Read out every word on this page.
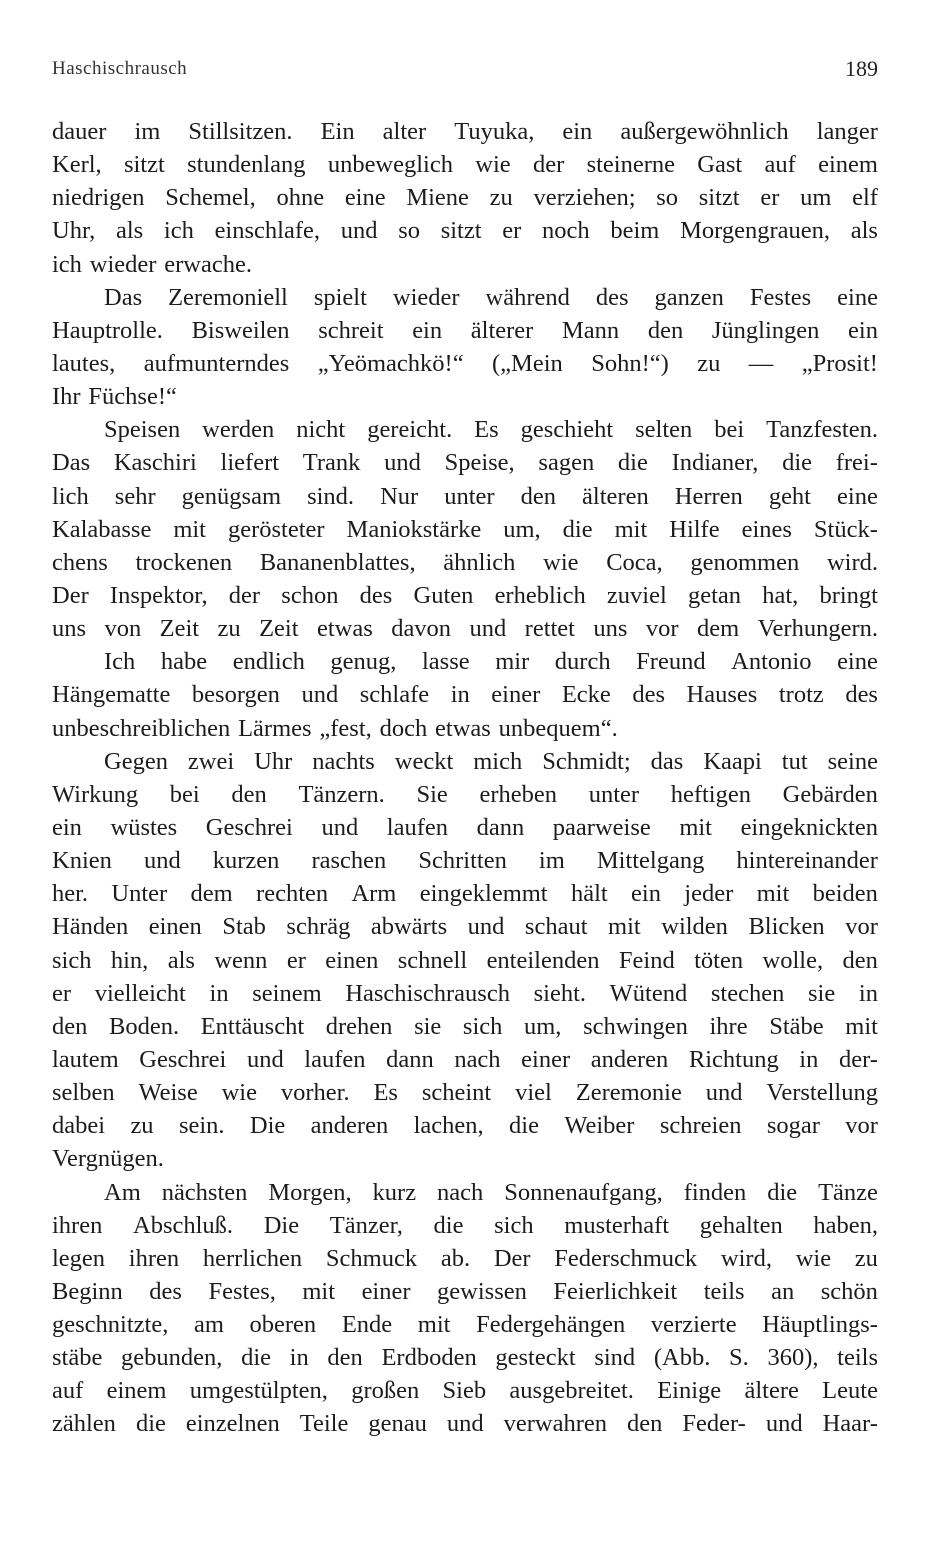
Haschischrausch	189
dauer im Stillsitzen. Ein alter Tuyuka, ein außergewöhnlich langer
Kerl, sitzt stundenlang unbeweglich wie der steinerne Gast auf einem
niedrigen Schemel, ohne eine Miene zu verziehen; so sitzt er um elf
Uhr, als ich einschlafe, und so sitzt er noch beim Morgengrauen, als
ich wieder erwache.
Das Zeremoniell spielt wieder während des ganzen Festes eine
Hauptrolle. Bisweilen schreit ein älterer Mann den Jünglingen ein
lautes, aufmunterndes „Yeömachkö!“ („Mein Sohn!“) zu — „Prosit!
Ihr Füchse!“
Speisen werden nicht gereicht. Es geschieht selten bei Tanzfesten.
Das Kaschiri liefert Trank und Speise, sagen die Indianer, die frei-
lich sehr genügsam sind. Nur unter den älteren Herren geht eine
Kalabasse mit gerösteter Maniokstärke um, die mit Hilfe eines Stück-
chens trockenen Bananenblattes, ähnlich wie Coca, genommen wird.
Der Inspektor, der schon des Guten erheblich zuviel getan hat, bringt
uns von Zeit zu Zeit etwas davon und rettet uns vor dem Verhungern.
Ich habe endlich genug, lasse mir durch Freund Antonio eine
Hängematte besorgen und schlafe in einer Ecke des Hauses trotz des
unbeschreiblichen Lärmes „fest, doch etwas unbequem“.
Gegen zwei Uhr nachts weckt mich Schmidt; das Kaapi tut seine
Wirkung bei den Tänzern. Sie erheben unter heftigen Gebärden
ein wüstes Geschrei und laufen dann paarweise mit eingeknickten
Knien und kurzen raschen Schritten im Mittelgang hintereinander
her. Unter dem rechten Arm eingeklemmt hält ein jeder mit beiden
Händen einen Stab schräg abwärts und schaut mit wilden Blicken vor
sich hin, als wenn er einen schnell enteilenden Feind töten wolle, den
er vielleicht in seinem Haschischrausch sieht. Wütend stechen sie in
den Boden. Enttäuscht drehen sie sich um, schwingen ihre Stäbe mit
lautem Geschrei und laufen dann nach einer anderen Richtung in der-
selben Weise wie vorher. Es scheint viel Zeremonie und Verstellung
dabei zu sein. Die anderen lachen, die Weiber schreien sogar vor
Vergnügen.
Am nächsten Morgen, kurz nach Sonnenaufgang, finden die Tänze
ihren Abschluß. Die Tänzer, die sich musterhaft gehalten haben,
legen ihren herrlichen Schmuck ab. Der Federschmuck wird, wie zu
Beginn des Festes, mit einer gewissen Feierlichkeit teils an schön
geschnitzte, am oberen Ende mit Federgehängen verzierte Häuptlings-
stäbe gebunden, die in den Erdboden gesteckt sind (Abb. S. 360), teils
auf einem umgestülpten, großen Sieb ausgebreitet. Einige ältere Leute
zählen die einzelnen Teile genau und verwahren den Feder- und Haar-
